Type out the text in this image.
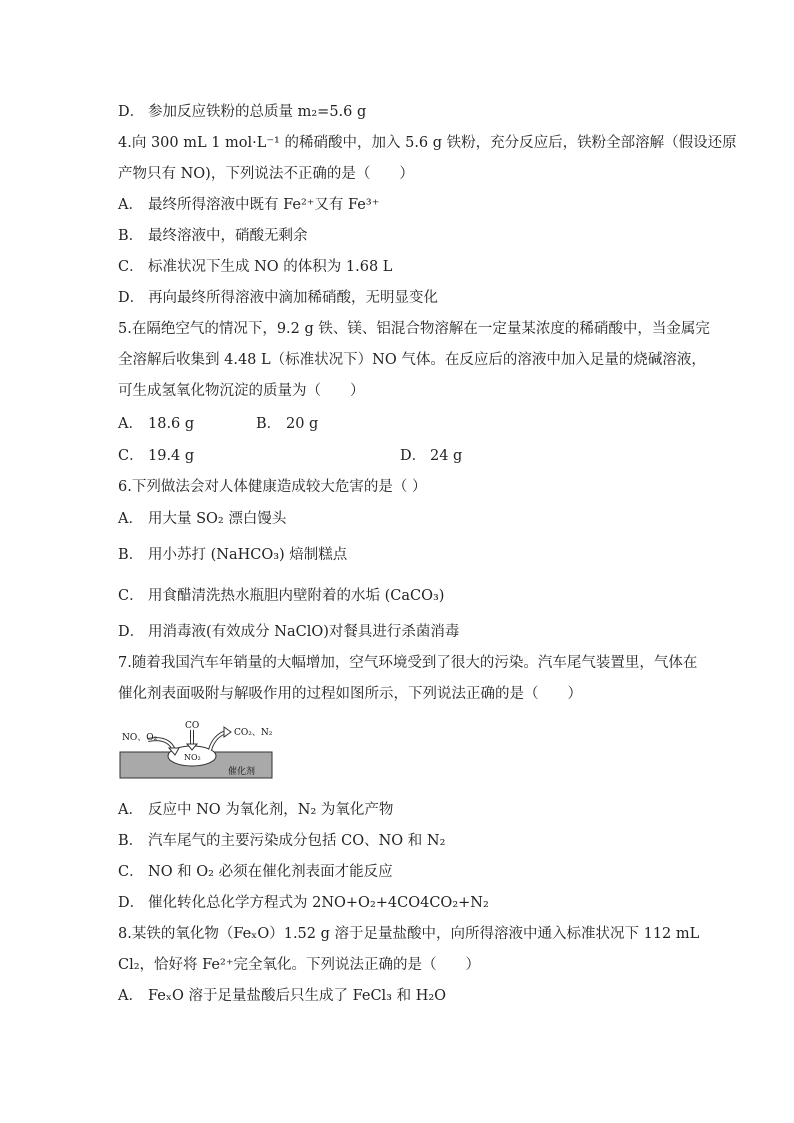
D． 参加反应铁粉的总质量 m₂=5.6 g
4.向 300 mL 1 mol·L⁻¹ 的稀硝酸中，加入 5.6 g 铁粉，充分反应后，铁粉全部溶解（假设还原
产物只有 NO)，下列说法不正确的是（　　）
A． 最终所得溶液中既有 Fe²⁺又有 Fe³⁺
B． 最终溶液中，硝酸无剩余
C． 标准状况下生成 NO 的体积为 1.68 L
D． 再向最终所得溶液中滴加稀硝酸，无明显变化
5.在隔绝空气的情况下，9.2 g 铁、镁、铝混合物溶解在一定量某浓度的稀硝酸中，当金属完
全溶解后收集到 4.48 L（标准状况下）NO 气体。在反应后的溶液中加入足量的烧碱溶液，
可生成氢氧化物沉淀的质量为（　　）
A． 18.6 g	B． 20 g
C． 19.4 g	D． 24 g
6.下列做法会对人体健康造成较大危害的是（ ）
A． 用大量 SO₂ 漂白馒头
B． 用小苏打 (NaHCO₃) 焙制糕点
C． 用食醋清洗热水瓶胆内壁附着的水垢 (CaCO₃)
D． 用消毒液(有效成分 NaClO)对餐具进行杀菌消毒
7.随着我国汽车年销量的大幅增加，空气环境受到了很大的污染。汽车尾气装置里，气体在
催化剂表面吸附与解吸作用的过程如图所示，下列说法正确的是（　　）
NO、O₂
CO
CO₂、N₂
NO₂
催化剂
A． 反应中 NO 为氧化剂，N₂ 为氧化产物
B． 汽车尾气的主要污染成分包括 CO、NO 和 N₂
C． NO 和 O₂ 必须在催化剂表面才能反应
D． 催化转化总化学方程式为 2NO+O₂+4CO4CO₂+N₂
8.某铁的氧化物（FeₓO）1.52 g 溶于足量盐酸中，向所得溶液中通入标准状况下 112 mL
Cl₂，恰好将 Fe²⁺完全氧化。下列说法正确的是（　　）
A． FeₓO 溶于足量盐酸后只生成了 FeCl₃ 和 H₂O
